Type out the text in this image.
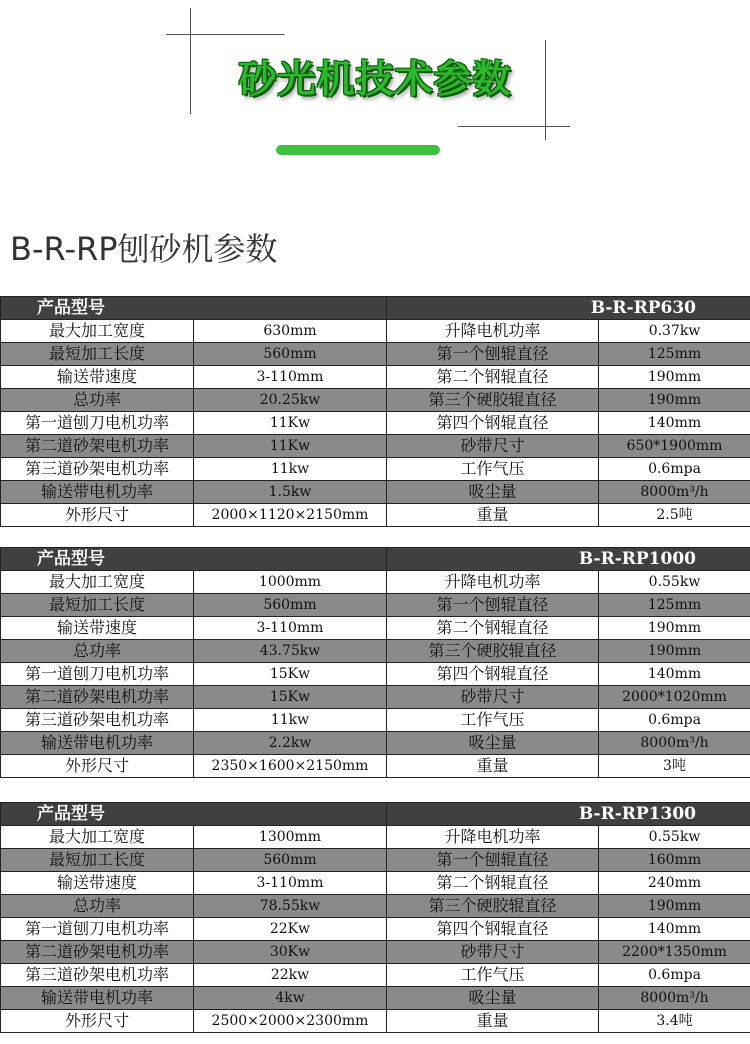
砂光机技术参数
B-R-RP刨砂机参数
产品型号		B-R-RP630	
最大加工宽度	630mm	升降电机功率	0.37kw
最短加工长度	560mm	第一个刨辊直径	125mm
输送带速度	3-110mm	第二个钢辊直径	190mm
总功率	20.25kw	第三个硬胶辊直径	190mm
第一道刨刀电机功率	11Kw	第四个钢辊直径	140mm
第二道砂架电机功率	11Kw	砂带尺寸	650*1900mm
第三道砂架电机功率	11kw	工作气压	0.6mpa
输送带电机功率	1.5kw	吸尘量	8000m³/h
外形尺寸	2000×1120×2150mm	重量	2.5吨
产品型号		B-R-RP1000	
最大加工宽度	1000mm	升降电机功率	0.55kw
最短加工长度	560mm	第一个刨辊直径	125mm
输送带速度	3-110mm	第二个钢辊直径	190mm
总功率	43.75kw	第三个硬胶辊直径	190mm
第一道刨刀电机功率	15Kw	第四个钢辊直径	140mm
第二道砂架电机功率	15Kw	砂带尺寸	2000*1020mm
第三道砂架电机功率	11kw	工作气压	0.6mpa
输送带电机功率	2.2kw	吸尘量	8000m³/h
外形尺寸	2350×1600×2150mm	重量	3吨
产品型号		B-R-RP1300	
最大加工宽度	1300mm	升降电机功率	0.55kw
最短加工长度	560mm	第一个刨辊直径	160mm
输送带速度	3-110mm	第二个钢辊直径	240mm
总功率	78.55kw	第三个硬胶辊直径	190mm
第一道刨刀电机功率	22Kw	第四个钢辊直径	140mm
第二道砂架电机功率	30Kw	砂带尺寸	2200*1350mm
第三道砂架电机功率	22kw	工作气压	0.6mpa
输送带电机功率	4kw	吸尘量	8000m³/h
外形尺寸	2500×2000×2300mm	重量	3.4吨
